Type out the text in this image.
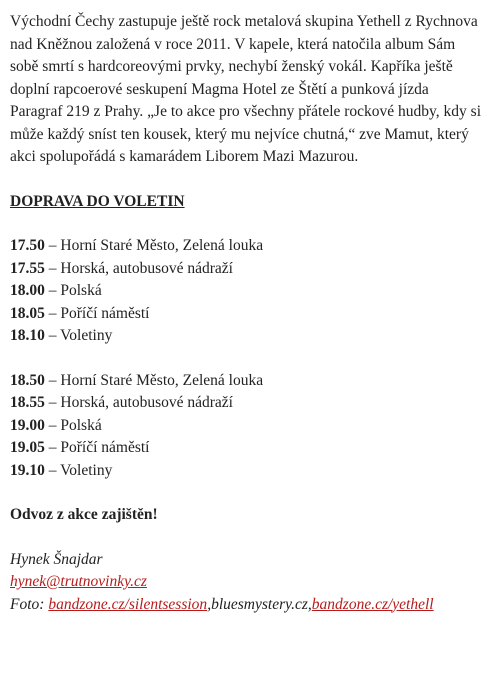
Východní Čechy zastupuje ještě rock metalová skupina Yethell z Rychnova nad Kněžnou založená v roce 2011. V kapele, která natočila album Sám sobě smrtí s hardcoreovými prvky, nechybí ženský vokál. Kapříka ještě doplní rapcoerové seskupení Magma Hotel ze Štětí a punková jízda Paragraf 219 z Prahy. „Je to akce pro všechny přátele rockové hudby, kdy si může každý sníst ten kousek, který mu nejvíce chutná,“ zve Mamut, který akci spolupořádá s kamarádem Liborem Mazi Mazurou.

DOPRAVA DO VOLETIN

17.50 – Horní Staré Město, Zelená louka
17.55 – Horská, autobusové nádraží
18.00 – Polská
18.05 – Poříčí náměstí
18.10 – Voletiny
18.50 – Horní Staré Město, Zelená louka
18.55 – Horská, autobusové nádraží
19.00 – Polská
19.05 – Poříčí náměstí
19.10 – Voletiny

Odvoz z akce zajištěn!

Hynek Šnajdar

hynek@trutnovinky.cz

Foto: bandzone.cz/silentsession,bluesmystery.cz,bandzone.cz/yethell
